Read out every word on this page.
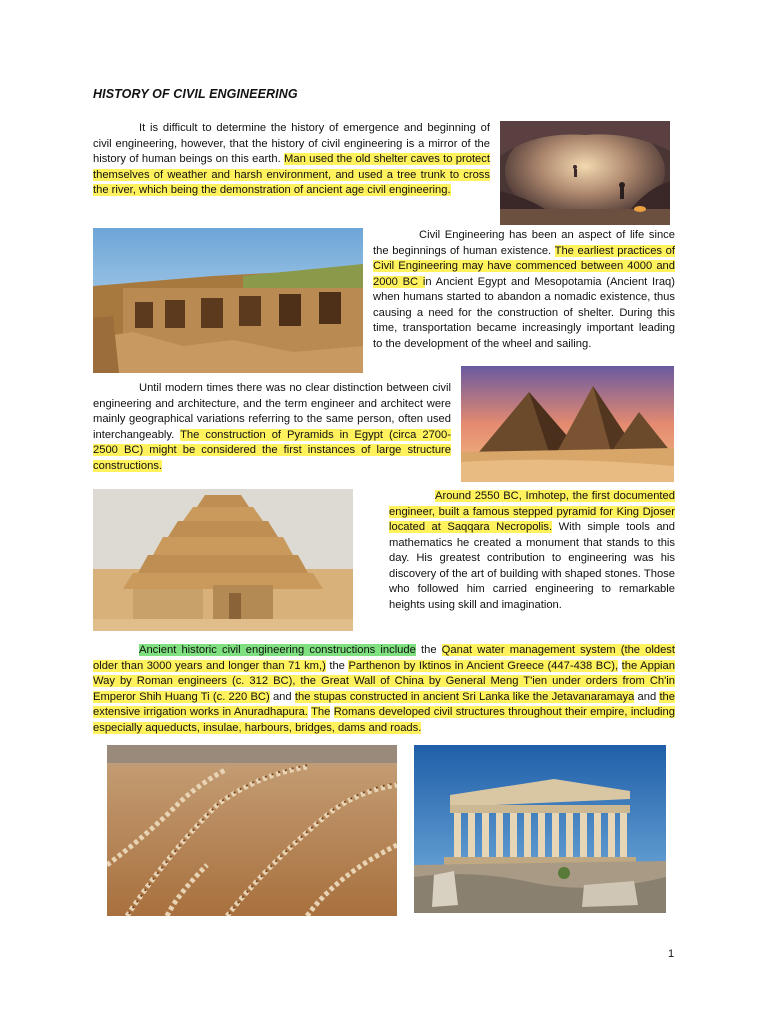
HISTORY OF CIVIL ENGINEERING

It is difficult to determine the history of emergence and beginning of civil engineering, however, that the history of civil engineering is a mirror of the history of human beings on this earth. Man used the old shelter caves to protect themselves of weather and harsh environment, and used a tree trunk to cross the river, which being the demonstration of ancient age civil engineering.

Civil Engineering has been an aspect of life since the beginnings of human existence. The earliest practices of Civil Engineering may have commenced between 4000 and 2000 BC in Ancient Egypt and Mesopotamia (Ancient Iraq) when humans started to abandon a nomadic existence, thus causing a need for the construction of shelter. During this time, transportation became increasingly important leading to the development of the wheel and sailing.

Until modern times there was no clear distinction between civil engineering and architecture, and the term engineer and architect were mainly geographical variations referring to the same person, often used interchangeably. The construction of Pyramids in Egypt (circa 2700-2500 BC) might be considered the first instances of large structure constructions.

Around 2550 BC, Imhotep, the first documented engineer, built a famous stepped pyramid for King Djoser located at Saqqara Necropolis. With simple tools and mathematics he created a monument that stands to this day. His greatest contribution to engineering was his discovery of the art of building with shaped stones. Those who followed him carried engineering to remarkable heights using skill and imagination.

Ancient historic civil engineering constructions include the Qanat water management system (the oldest older than 3000 years and longer than 71 km,) the Parthenon by Iktinos in Ancient Greece (447-438 BC), the Appian Way by Roman engineers (c. 312 BC), the Great Wall of China by General Meng T'ien under orders from Ch'in Emperor Shih Huang Ti (c. 220 BC) and the stupas constructed in ancient Sri Lanka like the Jetavanaramaya and the extensive irrigation works in Anuradhapura. The Romans developed civil structures throughout their empire, including especially aqueducts, insulae, harbours, bridges, dams and roads.

1
